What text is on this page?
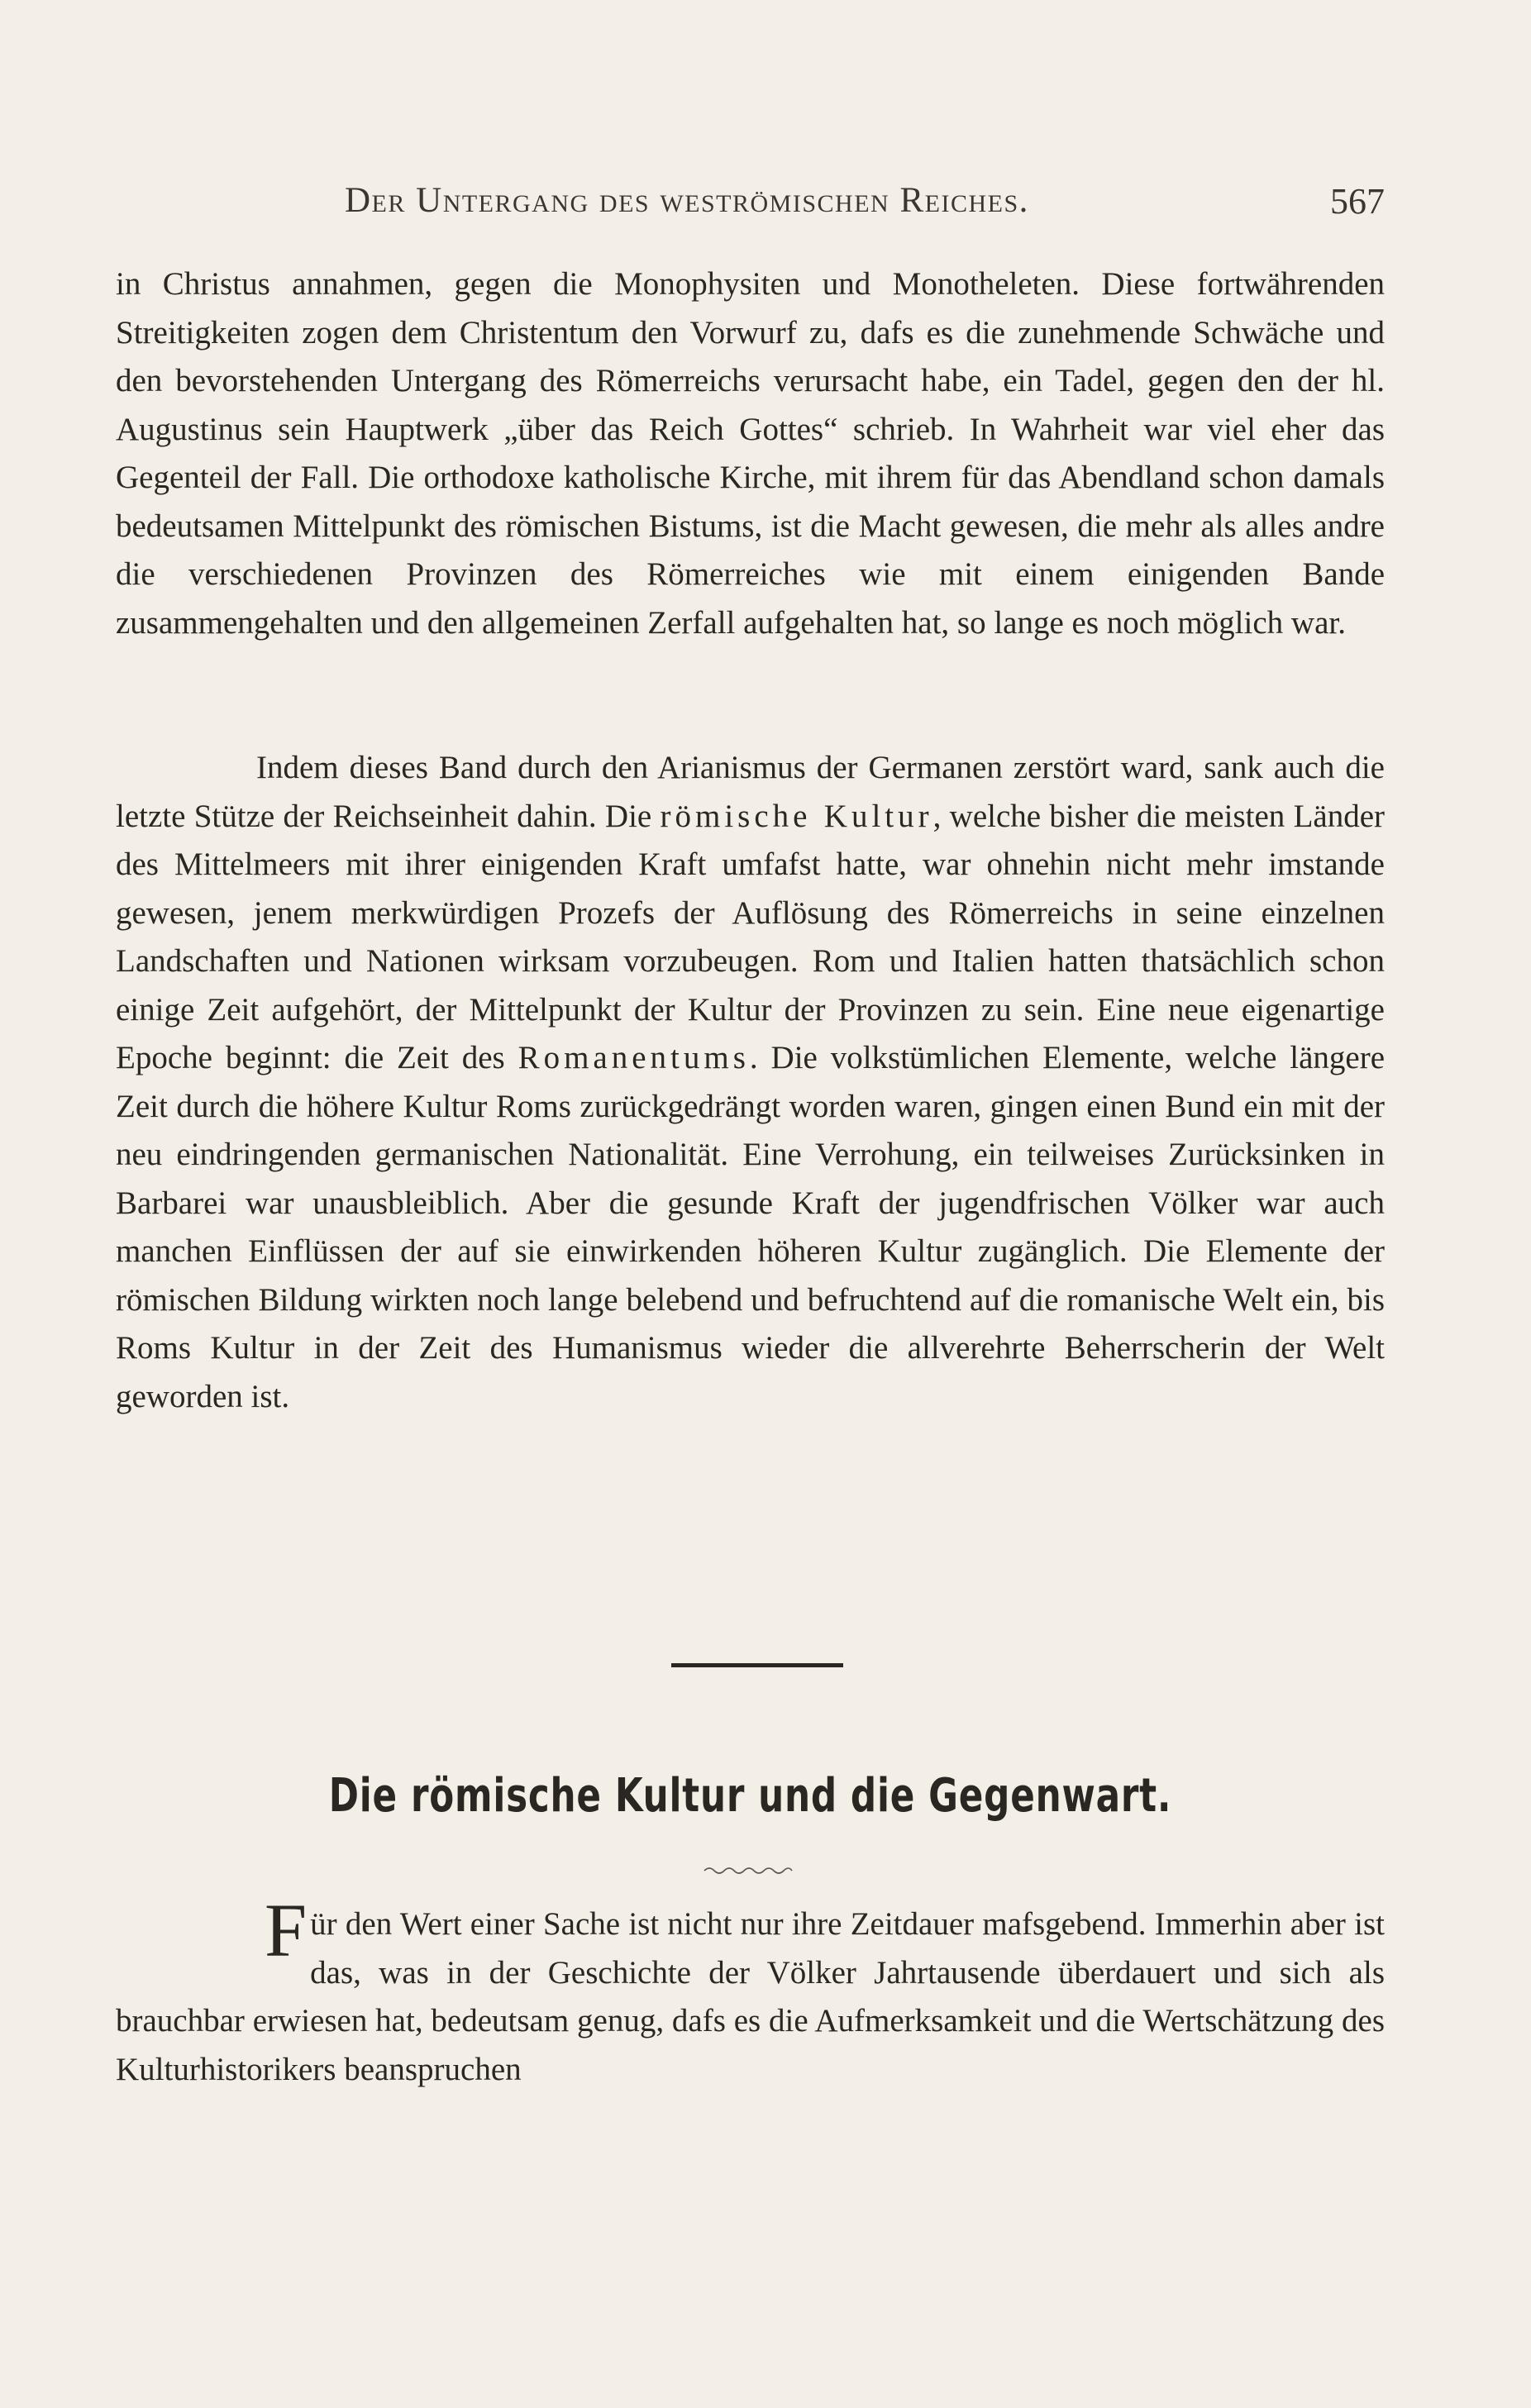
Der Untergang des weströmischen Reiches.	567

in Christus annahmen, gegen die Monophysiten und Monotheleten. Diese fortwährenden Streitigkeiten zogen dem Christentum den Vorwurf zu, dafs es die zunehmende Schwäche und den bevorstehenden Untergang des Römerreichs verursacht habe, ein Tadel, gegen den der hl. Augustinus sein Hauptwerk „über das Reich Gottes“ schrieb. In Wahrheit war viel eher das Gegenteil der Fall. Die orthodoxe katholische Kirche, mit ihrem für das Abendland schon damals bedeutsamen Mittelpunkt des römischen Bistums, ist die Macht gewesen, die mehr als alles andre die verschiedenen Provinzen des Römerreiches wie mit einem einigenden Bande zusammengehalten und den allgemeinen Zerfall aufgehalten hat, so lange es noch möglich war.

Indem dieses Band durch den Arianismus der Germanen zerstört ward, sank auch die letzte Stütze der Reichseinheit dahin. Die römische Kultur, welche bisher die meisten Länder des Mittelmeers mit ihrer einigenden Kraft umfafst hatte, war ohnehin nicht mehr imstande gewesen, jenem merkwürdigen Prozefs der Auflösung des Römerreichs in seine einzelnen Landschaften und Nationen wirksam vorzubeugen. Rom und Italien hatten thatsächlich schon einige Zeit aufgehört, der Mittelpunkt der Kultur der Provinzen zu sein. Eine neue eigenartige Epoche beginnt: die Zeit des Romanentums. Die volkstümlichen Elemente, welche längere Zeit durch die höhere Kultur Roms zurückgedrängt worden waren, gingen einen Bund ein mit der neu eindringenden germanischen Nationalität. Eine Verrohung, ein teilweises Zurücksinken in Barbarei war unausbleiblich. Aber die gesunde Kraft der jugendfrischen Völker war auch manchen Einflüssen der auf sie einwirkenden höheren Kultur zugänglich. Die Elemente der römischen Bildung wirkten noch lange belebend und befruchtend auf die romanische Welt ein, bis Roms Kultur in der Zeit des Humanismus wieder die allverehrte Beherrscherin der Welt geworden ist.

Die römische Kultur und die Gegenwart.

Für den Wert einer Sache ist nicht nur ihre Zeitdauer mafsgebend. Immerhin aber ist das, was in der Geschichte der Völker Jahrtausende überdauert und sich als brauchbar erwiesen hat, bedeutsam genug, dafs es die Aufmerksamkeit und die Wertschätzung des Kulturhistorikers beanspruchen
